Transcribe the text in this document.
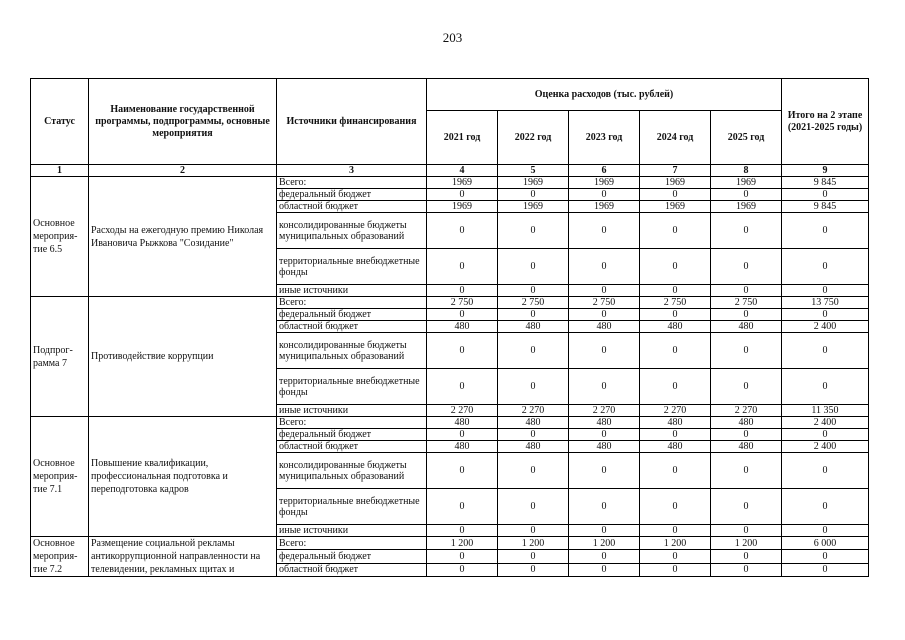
203
Статус	Наименование государственной программы, подпрограммы, основные мероприятия	Источники финансирования	Оценка расходов (тыс. рублей)					Итого на 2 этапе (2021-2025 годы)
			2021 год	2022 год	2023 год	2024 год	2025 год	
1	2	3	4	5	6	7	8	9
Основное мероприя-тие 6.5	Расходы на ежегодную премию Николая Ивановича Рыжкова "Созидание"	Всего:	1969	1969	1969	1969	1969	9 845
		федеральный бюджет	0	0	0	0	0	0
		областной бюджет	1969	1969	1969	1969	1969	9 845
		консолидированные бюджеты муниципальных образований	0	0	0	0	0	0
		территориальные внебюджетные фонды	0	0	0	0	0	0
		иные источники	0	0	0	0	0	0
Подпрог-рамма 7	Противодействие коррупции	Всего:	2 750	2 750	2 750	2 750	2 750	13 750
		федеральный бюджет	0	0	0	0	0	0
		областной бюджет	480	480	480	480	480	2 400
		консолидированные бюджеты муниципальных образований	0	0	0	0	0	0
		территориальные внебюджетные фонды	0	0	0	0	0	0
		иные источники	2 270	2 270	2 270	2 270	2 270	11 350
Основное мероприя-тие 7.1	Повышение квалификации, профессиональная подготовка и переподготовка кадров	Всего:	480	480	480	480	480	2 400
		федеральный бюджет	0	0	0	0	0	0
		областной бюджет	480	480	480	480	480	2 400
		консолидированные бюджеты муниципальных образований	0	0	0	0	0	0
		территориальные внебюджетные фонды	0	0	0	0	0	0
		иные источники	0	0	0	0	0	0
Основное мероприя-тие 7.2	Размещение социальной рекламы антикоррупционной направленности на телевидении, рекламных щитах и	Всего:	1 200	1 200	1 200	1 200	1 200	6 000
		федеральный бюджет	0	0	0	0	0	0
		областной бюджет	0	0	0	0	0	0
